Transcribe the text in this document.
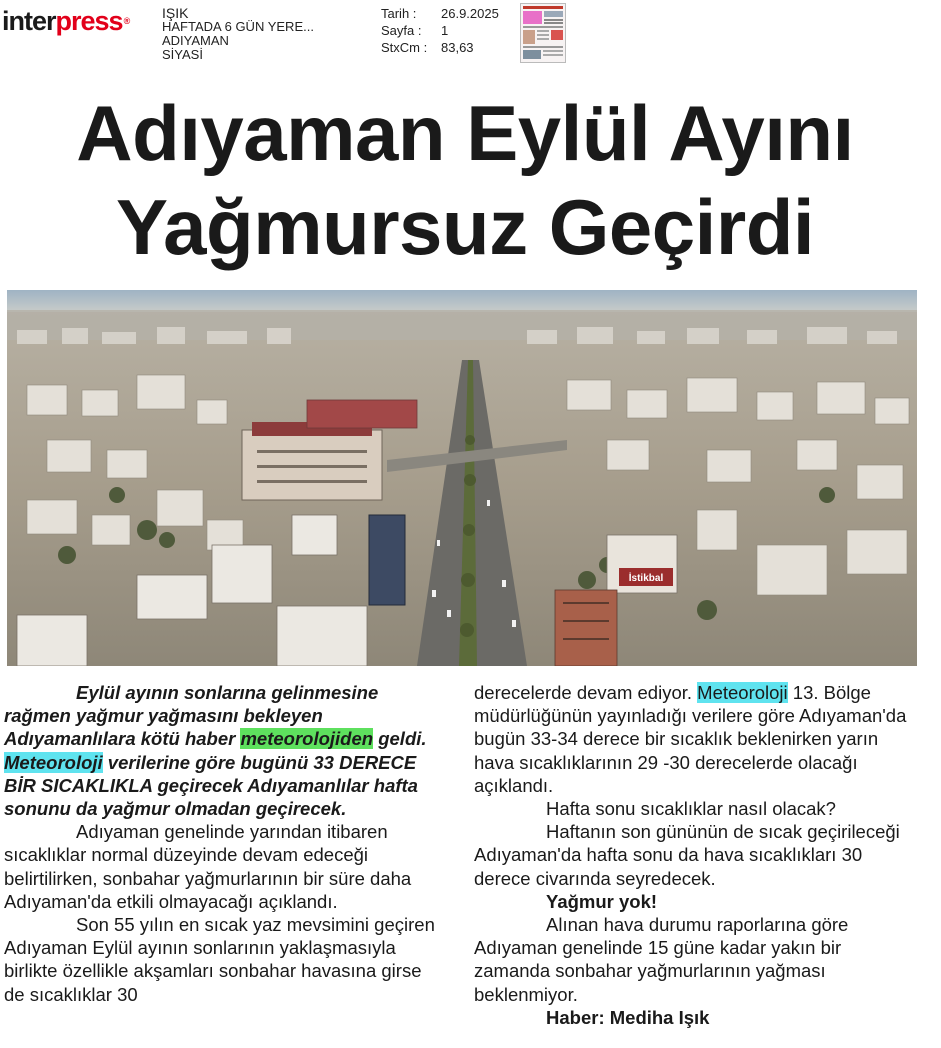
interpress® IŞIK
HAFTADA 6 GÜN YERE...
ADIYAMAN
SİYASİ
Tarih :	26.9.2025
Sayfa :	1
StxCm :	83,63
Adıyaman Eylül Ayını
Yağmursuz Geçirdi
İstikbal

Eylül ayının sonlarına gelinmesine rağmen yağmur yağmasını bekleyen Adıyamanlılara kötü haber meteorolojiden geldi. Meteoroloji verilerine göre bugünü 33 DERECE BİR SICAKLIKLA geçirecek Adıyamanlılar hafta sonunu da yağmur olmadan geçirecek.

Adıyaman genelinde yarından itibaren sıcaklıklar normal düzeyinde devam edeceği belirtilirken, sonbahar yağmurlarının bir süre daha Adıyaman'da etkili olmayacağı açıklandı.

Son 55 yılın en sıcak yaz mevsimini geçiren Adıyaman Eylül ayının sonlarının yaklaşmasıyla birlikte özellikle akşamları sonbahar havasına girse de sıcaklıklar 30

derecelerde devam ediyor. Meteoroloji 13. Bölge müdürlüğünün yayınladığı verilere göre Adıyaman'da bugün 33-34 derece bir sıcaklık beklenirken yarın hava sıcaklıklarının 29 -30 derecelerde olacağı açıklandı.

Hafta sonu sıcaklıklar nasıl olacak?

Haftanın son gününün de sıcak geçirileceği Adıyaman'da hafta sonu da hava sıcaklıkları 30 derece civarında seyredecek.

Yağmur yok!

Alınan hava durumu raporlarına göre Adıyaman genelinde 15 güne kadar yakın bir zamanda sonbahar yağmurlarının yağması beklenmiyor.

Haber: Mediha Işık
